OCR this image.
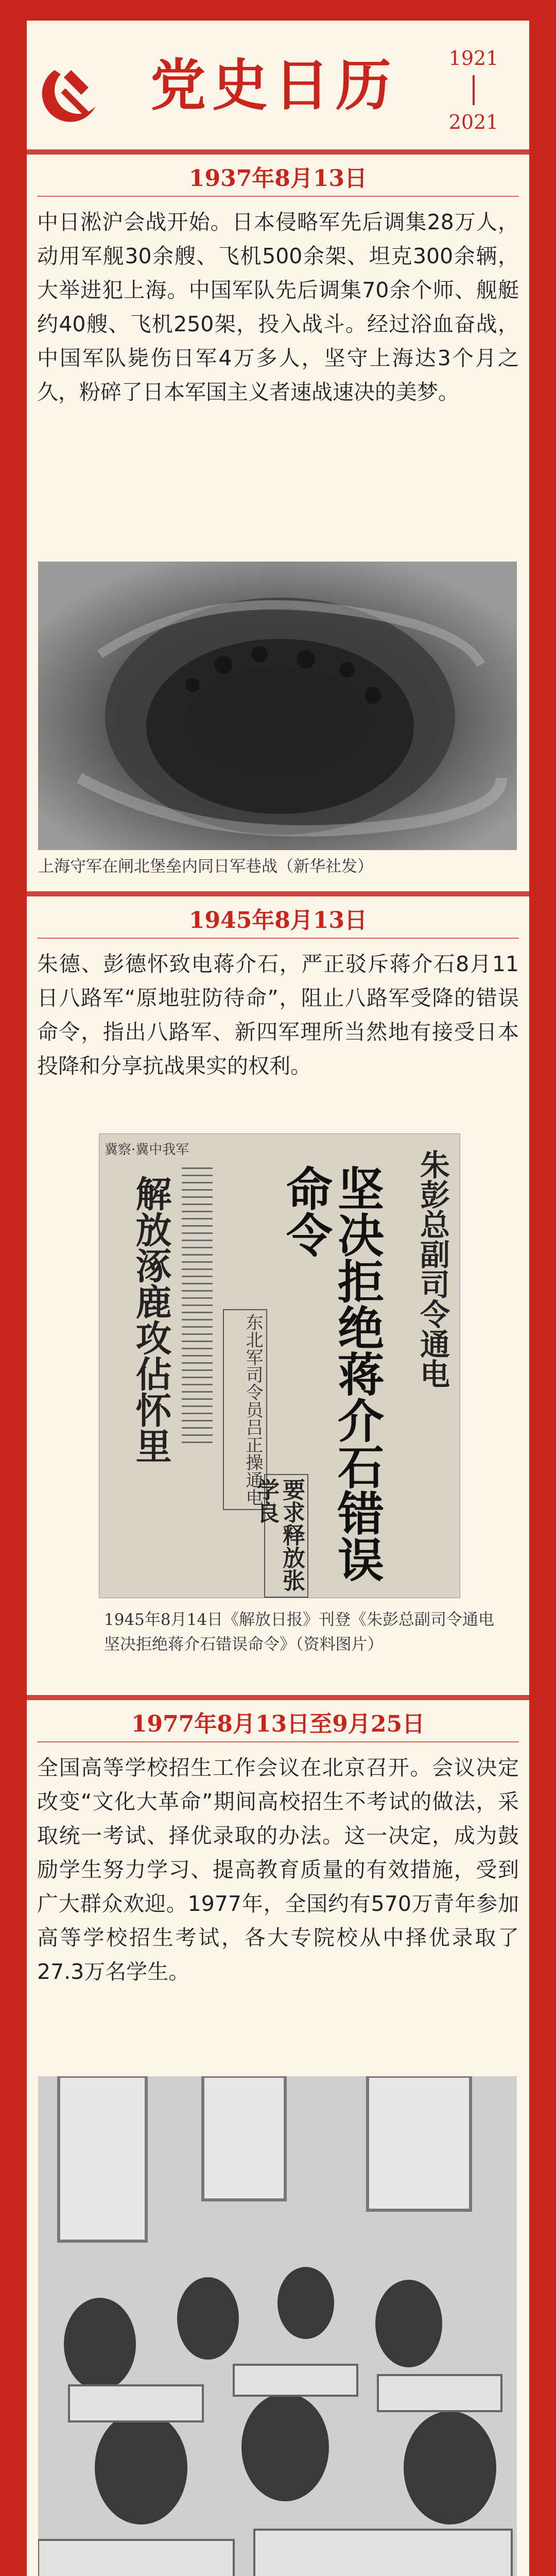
党史日历	1921
2021
1937年8月13日
中日淞沪会战开始。日本侵略军先后调集28万人，动用军舰30余艘、飞机500余架、坦克300余辆，大举进犯上海。中国军队先后调集70余个师、舰艇约40艘、飞机250架，投入战斗。经过浴血奋战，中国军队毙伤日军4万多人，坚守上海达3个月之久，粉碎了日本军国主义者速战速决的美梦。
上海守军在闸北堡垒内同日军巷战（新华社发）
1945年8月13日
朱德、彭德怀致电蒋介石，严正驳斥蒋介石8月11日八路军“原地驻防待命”，阻止八路军受降的错误命令，指出八路军、新四军理所当然地有接受日本投降和分享抗战果实的权利。
冀察·冀中我军
解放涿鹿攻佔怀里	东北军司令员吕正操通电
要求释放张学良	坚决拒绝蒋介石错误命令	朱彭总副司令通电
1945年8月14日《解放日报》刊登《朱彭总副司令通电 坚决拒绝蒋介石错误命令》（资料图片）
1977年8月13日至9月25日
全国高等学校招生工作会议在北京召开。会议决定改变“文化大革命”期间高校招生不考试的做法，采取统一考试、择优录取的办法。这一决定，成为鼓励学生努力学习、提高教育质量的有效措施，受到广大群众欢迎。1977年，全国约有570万青年参加高等学校招生考试，各大专院校从中择优录取了27.3万名学生。
